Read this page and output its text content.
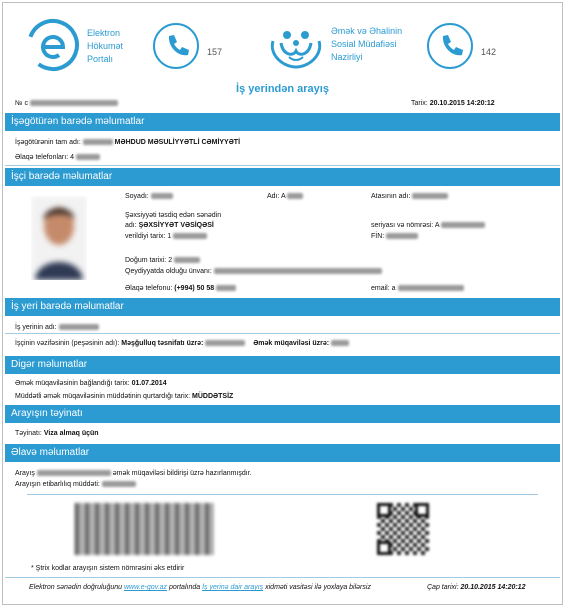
Elektron
Hökumət
Portalı
157
Əmək və Əhalinin
Sosial Müdafiəsi
Nazirliyi	142
İş yerindən arayış
№ c	Tarix: 20.10.2015 14:20:12
İşəgötürən barədə məlumatlar
İşəgötürənin tam adı:	MƏHDUD MƏSULİYYƏTLİ CƏMİYYƏTİ
Əlaqə telefonları: 4
İşçi barədə məlumatlar
Soyadı:	Adı: A	Atasının adı:
Şəxsiyyəti təsdiq edən sənədin
adı: ŞƏXSİYYƏT VƏSİQƏSİ	seriyası və nömrəsi: A
verildiyi tarix: 1	FİN:
Doğum tarixi: 2
Qeydiyyatda olduğu ünvanı:
Əlaqə telefonu: (+994) 50 58	email: a
İş yeri barədə məlumatlar
İş yerinin adı:
İşçinin vəzifəsinin (peşəsinin adı): Məşğulluq təsnifatı üzrə:	Əmək müqaviləsi üzrə:
Digər məlumatlar
Əmək müqaviləsinin bağlandığı tarix: 01.07.2014
Müddətli əmək müqaviləsinin müddətinin qurtardığı tarix: MÜDDƏTSİZ
Arayışın təyinatı
Təyinatı: Viza almaq üçün
Əlavə məlumatlar
Arayış	əmək müqaviləsi bildirişi üzrə hazırlanmışdır.
Arayışın etibarlılıq müddəti:
* Ştrix kodlar arayışın sistem nömrəsini əks etdirir
Elektron sənədin doğruluğunu www.e-gov.az portalında İş yerinə dair arayış xidməti vasitəsi ilə yoxlaya bilərsiz	Çap tarixi: 20.10.2015 14:20:12
